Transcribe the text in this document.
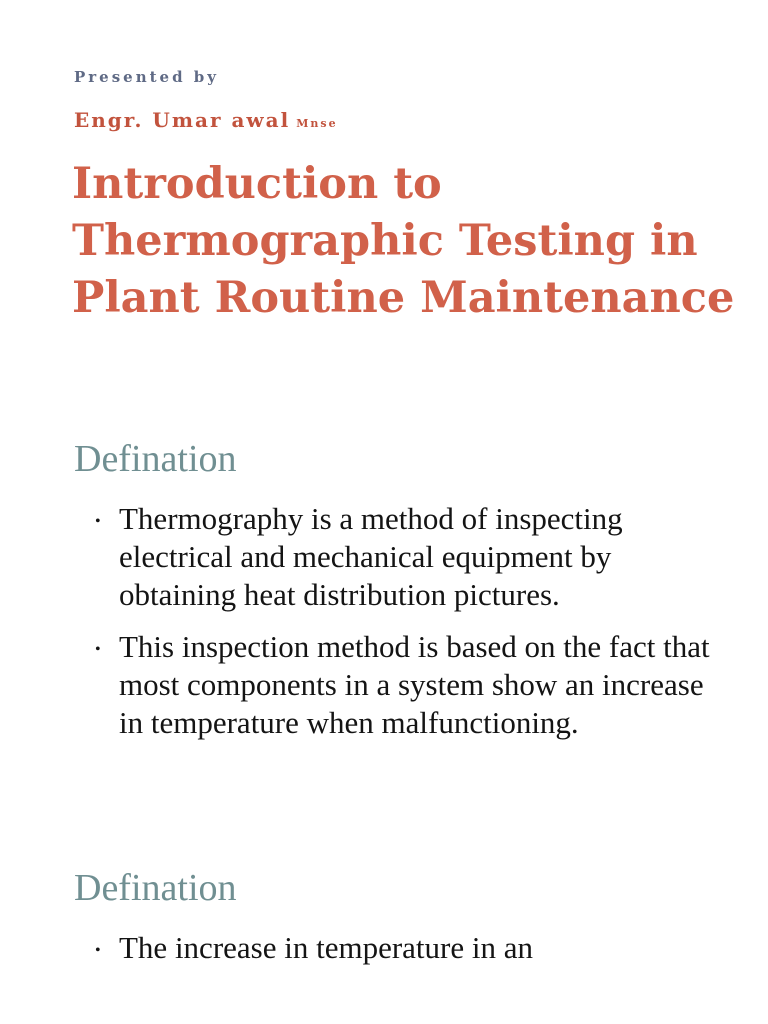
Presented by
Engr. Umar awal Mnse
Introduction to Thermographic Testing in Plant Routine Maintenance
Defination
• Thermography is a method of inspecting electrical and mechanical equipment by obtaining heat distribution pictures.
• This inspection method is based on the fact that most components in a system show an increase in temperature when malfunctioning.
Defination
• The increase in temperature in an
